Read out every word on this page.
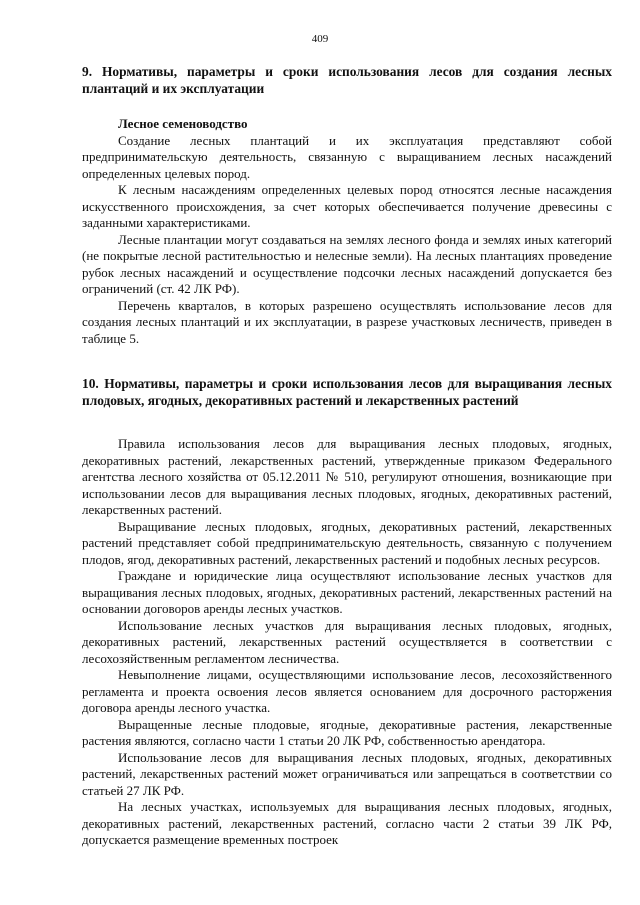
409

9. Нормативы, параметры и сроки использования лесов для создания лесных плантаций и их эксплуатации

Лесное семеноводство

Создание лесных плантаций и их эксплуатация представляют собой предпринимательскую деятельность, связанную с выращиванием лесных насаждений определенных целевых пород.

К лесным насаждениям определенных целевых пород относятся лесные насаждения искусственного происхождения, за счет которых обеспечивается получение древесины с заданными характеристиками.

Лесные плантации могут создаваться на землях лесного фонда и землях иных категорий (не покрытые лесной растительностью и нелесные земли). На лесных плантациях проведение рубок лесных насаждений и осуществление подсочки лесных насаждений допускается без ограничений (ст. 42 ЛК РФ).

Перечень кварталов, в которых разрешено осуществлять использование лесов для создания лесных плантаций и их эксплуатации, в разрезе участковых лесничеств, приведен в таблице 5.

10. Нормативы, параметры и сроки использования лесов для выращивания лесных плодовых, ягодных, декоративных растений и лекарственных растений

Правила использования лесов для выращивания лесных плодовых, ягодных, декоративных растений, лекарственных растений, утвержденные приказом Федерального агентства лесного хозяйства от 05.12.2011 № 510, регулируют отношения, возникающие при использовании лесов для выращивания лесных плодовых, ягодных, декоративных растений, лекарственных растений.

Выращивание лесных плодовых, ягодных, декоративных растений, лекарственных растений представляет собой предпринимательскую деятельность, связанную с получением плодов, ягод, декоративных растений, лекарственных растений и подобных лесных ресурсов.

Граждане и юридические лица осуществляют использование лесных участков для выращивания лесных плодовых, ягодных, декоративных растений, лекарственных растений на основании договоров аренды лесных участков.

Использование лесных участков для выращивания лесных плодовых, ягодных, декоративных растений, лекарственных растений осуществляется в соответствии с лесохозяйственным регламентом лесничества.

Невыполнение лицами, осуществляющими использование лесов, лесохозяйственного регламента и проекта освоения лесов является основанием для досрочного расторжения договора аренды лесного участка.

Выращенные лесные плодовые, ягодные, декоративные растения, лекарственные растения являются, согласно части 1 статьи 20 ЛК РФ, собственностью арендатора.

Использование лесов для выращивания лесных плодовых, ягодных, декоративных растений, лекарственных растений может ограничиваться или запрещаться в соответствии со статьей 27 ЛК РФ.

На лесных участках, используемых для выращивания лесных плодовых, ягодных, декоративных растений, лекарственных растений, согласно части 2 статьи 39 ЛК РФ, допускается размещение временных построек
